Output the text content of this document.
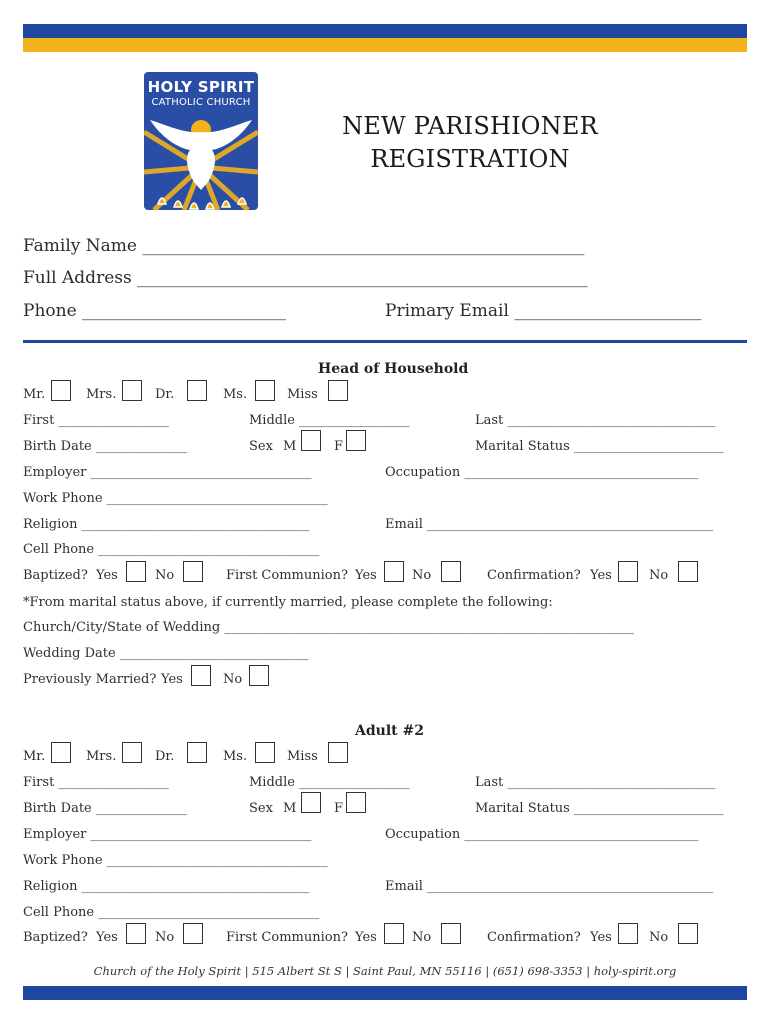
HOLY SPIRIT
CATHOLIC CHURCH
NEW PARISHIONER
REGISTRATION
Family Name ____________________________________________________
Full Address _____________________________________________________
Phone ________________________	Primary Email ______________________
Head of Household
Mr.	Mrs.	Dr.	Ms.	Miss
First _________________	Middle _________________	Last ________________________________
Birth Date ______________	Sex M	F	Marital Status _______________________
Employer __________________________________	Occupation ____________________________________
Work Phone __________________________________
Religion ___________________________________	Email ____________________________________________
Cell Phone __________________________________
Baptized? Yes	No	First Communion? Yes	No	Confirmation? Yes	No
*From marital status above, if currently married, please complete the following:
Church/City/State of Wedding _______________________________________________________________
Wedding Date _____________________________
Previously Married? Yes	No
Adult #2
Mr.	Mrs.	Dr.	Ms.	Miss
First _________________	Middle _________________	Last ________________________________
Birth Date ______________	Sex M	F	Marital Status _______________________
Employer __________________________________	Occupation ____________________________________
Work Phone __________________________________
Religion ___________________________________	Email ____________________________________________
Cell Phone __________________________________
Baptized? Yes	No	First Communion? Yes	No	Confirmation? Yes	No
Church of the Holy Spirit | 515 Albert St S | Saint Paul, MN 55116 | (651) 698-3353 | holy-spirit.org
